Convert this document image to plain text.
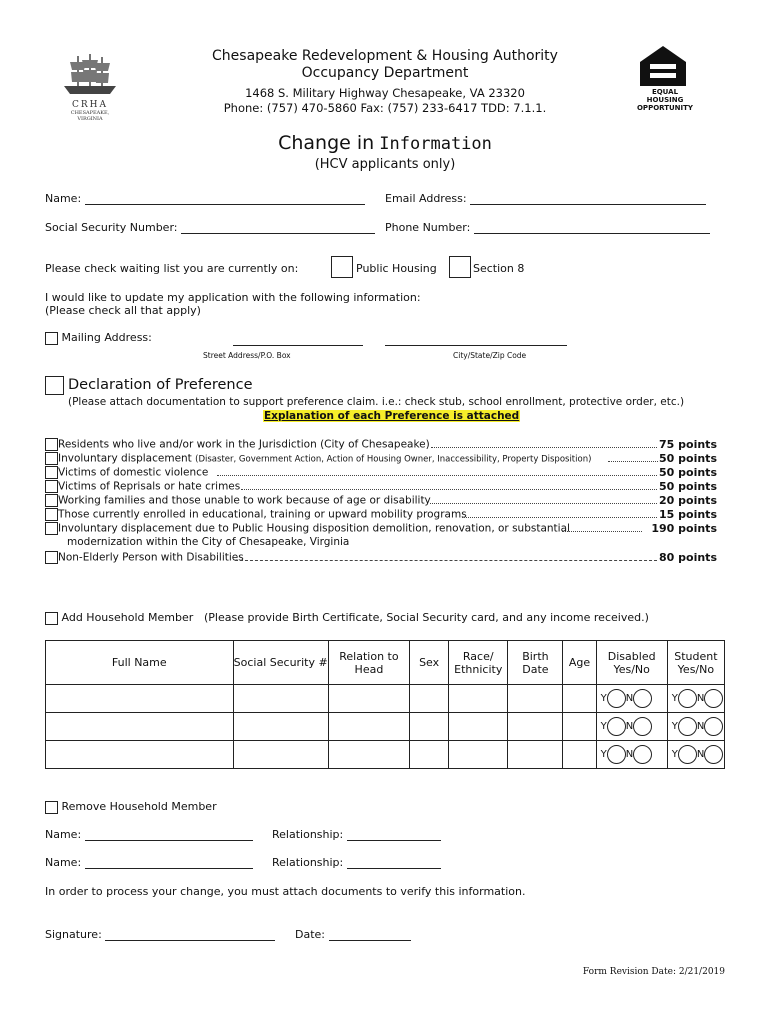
CRHA
CHESAPEAKE, VIRGINIA
Chesapeake Redevelopment & Housing Authority
Occupancy Department
1468 S. Military Highway Chesapeake, VA 23320
Phone: (757) 470-5860 Fax: (757) 233-6417 TDD: 7.1.1.
EQUAL HOUSING
OPPORTUNITY
Change in Information
(HCV applicants only)
Name:	Email Address:
Social Security Number:	Phone Number:
Please check waiting list you are currently on:	Public Housing	Section 8
I would like to update my application with the following information:
(Please check all that apply)
Mailing Address:
Street Address/P.O. Box	City/State/Zip Code
Declaration of Preference
(Please attach documentation to support preference claim. i.e.: check stub, school enrollment, protective order, etc.)
Explanation of each Preference is attached
Residents who live and/or work in the Jurisdiction (City of Chesapeake)	75 points
Involuntary displacement (Disaster, Government Action, Action of Housing Owner, Inaccessibility, Property Disposition)	50 points
Victims of domestic violence	50 points
Victims of Reprisals or hate crimes	50 points
Working families and those unable to work because of age or disability	20 points
Those currently enrolled in educational, training or upward mobility programs	15 points
Involuntary displacement due to Public Housing disposition demolition, renovation, or substantial	190 points
modernization within the City of Chesapeake, Virginia
Non-Elderly Person with Disabilities	80 points
Add Household Member (Please provide Birth Certificate, Social Security card, and any income received.)
Full Name	Social Security #	Relation to Head	Sex	Race/ Ethnicity	Birth Date	Age	Disabled Yes/No	Student Yes/No

							Y N	Y N

							Y N	Y N

							Y N	Y N
Remove Household Member
Name:	Relationship:
Name:	Relationship:
In order to process your change, you must attach documents to verify this information.
Signature:	Date:
Form Revision Date: 2/21/2019
